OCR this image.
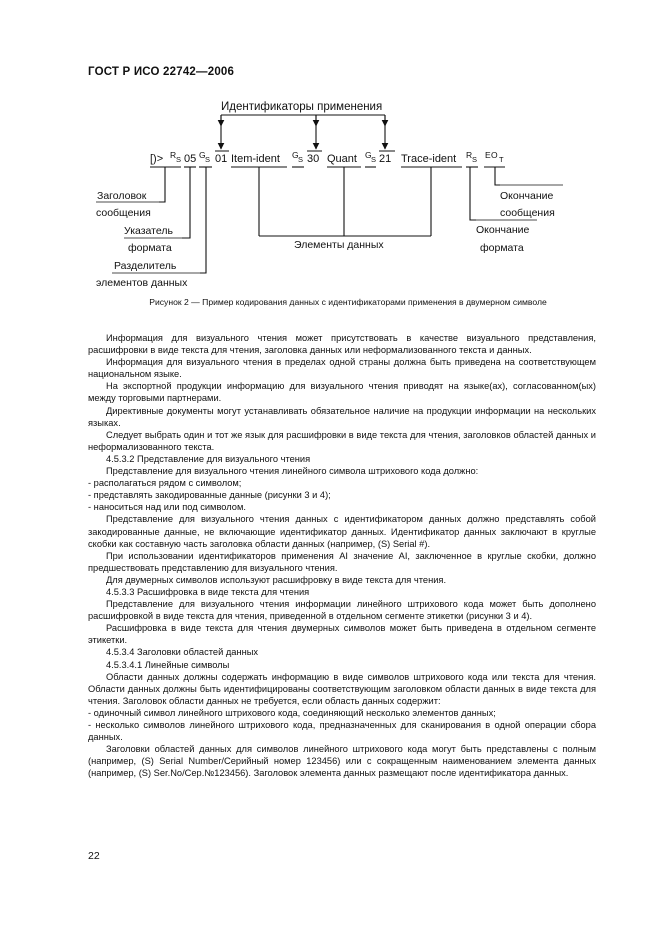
ГОСТ Р ИСО 22742—2006
Идентификаторы применения
[)> R S 05 G S 01 Item-ident G S 30 Quant G S 21 Trace-ident R S E O T
Заголовок
сообщения
Указатель
формата
Разделитель
элементов данных
Элементы данных
Окончание
сообщения
Окончание
формата
Рисунок 2 — Пример кодирования данных с идентификаторами применения в двумерном символе

Информация для визуального чтения может присутствовать в качестве визуального представления, расшифровки в виде текста для чтения, заголовка данных или неформализованного текста и данных.

Информация для визуального чтения в пределах одной страны должна быть приведена на соответствующем национальном языке.

На экспортной продукции информацию для визуального чтения приводят на языке(ах), согласованном(ых) между торговыми партнерами.

Директивные документы могут устанавливать обязательное наличие на продукции информации на нескольких языках.

Следует выбрать один и тот же язык для расшифровки в виде текста для чтения, заголовков областей данных и неформализованного текста.

4.5.3.2 Представление для визуального чтения

Представление для визуального чтения линейного символа штрихового кода должно:

- располагаться рядом с символом;

- представлять закодированные данные (рисунки 3 и 4);

- наноситься над или под символом.

Представление для визуального чтения данных с идентификатором данных должно представлять собой закодированные данные, не включающие идентификатор данных. Идентификатор данных заключают в круглые скобки как составную часть заголовка области данных (например, (S) Serial #).

При использовании идентификаторов применения AI значение AI, заключенное в круглые скобки, должно предшествовать представлению для визуального чтения.

Для двумерных символов используют расшифровку в виде текста для чтения.

4.5.3.3 Расшифровка в виде текста для чтения

Представление для визуального чтения информации линейного штрихового кода может быть дополнено расшифровкой в виде текста для чтения, приведенной в отдельном сегменте этикетки (рисунки 3 и 4).

Расшифровка в виде текста для чтения двумерных символов может быть приведена в отдельном сегменте этикетки.

4.5.3.4 Заголовки областей данных

4.5.3.4.1 Линейные символы

Области данных должны содержать информацию в виде символов штрихового кода или текста для чтения. Области данных должны быть идентифицированы соответствующим заголовком области данных в виде текста для чтения. Заголовок области данных не требуется, если область данных содержит:

- одиночный символ линейного штрихового кода, соединяющий несколько элементов данных;

- несколько символов линейного штрихового кода, предназначенных для сканирования в одной операции сбора данных.

Заголовки областей данных для символов линейного штрихового кода могут быть представлены с полным (например, (S) Serial Number/Серийный номер 123456) или с сокращенным наименованием элемента данных (например, (S) Ser.No/Сер.№123456). Заголовок элемента данных размещают после идентификатора данных.

22
